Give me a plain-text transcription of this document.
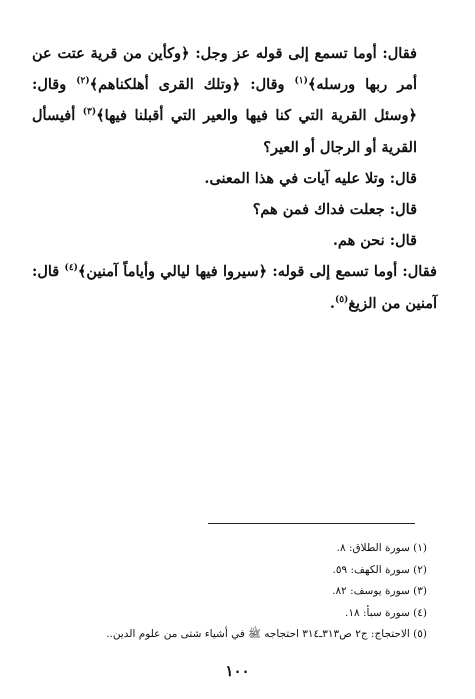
فقال: أوما تسمع إلى قوله عز وجل: ﴿وكأين من قرية عتت عن أمر ربها ورسله﴾$^{(١)}$ وقال: ﴿وتلك القرى أهلكناهم﴾$^{(٢)}$ وقال: ﴿وسئل القرية التي كنا فيها والعير التي أقبلنا فيها﴾$^{(٣)}$ أفيسأل القرية أو الرجال أو العير؟

قال: وتلا عليه آيات في هذا المعنى.

قال: جعلت فداك فمن هم؟

قال: نحن هم.

فقال: أوما تسمع إلى قوله: ﴿سيروا فيها ليالي وأياماً آمنين﴾$^{(٤)}$ قال: آمنين من الزيغ$^{(٥)}$.

(١) سورة الطلاق: ٨.

(٢) سورة الكهف: ٥٩.

(٣) سورة يوسف: ٨٢.

(٤) سورة سبأ: ١٨.

(٥) الاحتجاج: ج٢ ص٣١٣ـ٣١٤ احتجاجه ﷺ في أشياء شتى من علوم الدين..

١٠٠
